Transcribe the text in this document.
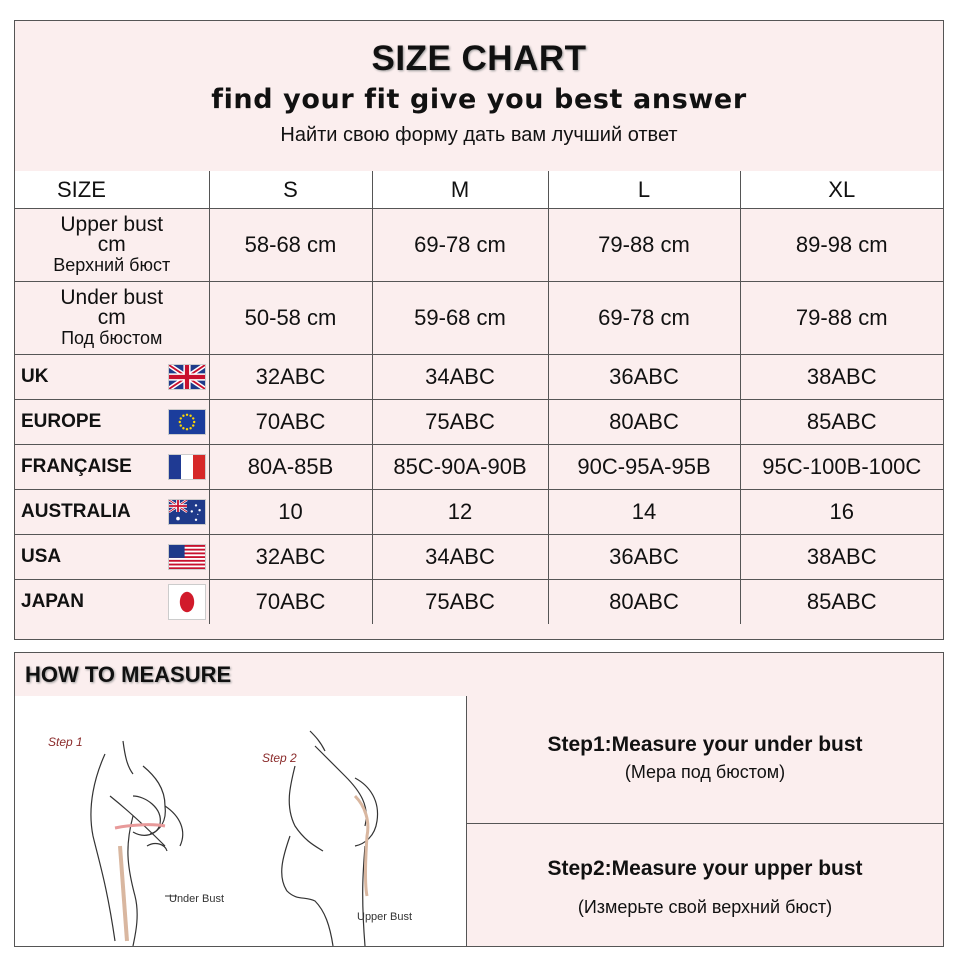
SIZE CHART
find your fit give you best answer
Найти свою форму дать вам лучший ответ
SIZE	S	M	L	XL

Upper bust
cm
Верхний бюст	58-68 cm	69-78 cm	79-88 cm	89-98 cm

Under bust
cm
Под бюстом	50-58 cm	59-68 cm	69-78 cm	79-88 cm
UK	32ABC	34ABC	36ABC	38ABC
EUROPE	70ABC	75ABC	80ABC	85ABC
FRANÇAISE	80A-85B	85C-90A-90B	90C-95A-95B	95C-100B-100C
AUSTRALIA	10	12	14	16
USA	32ABC	34ABC	36ABC	38ABC
JAPAN	70ABC	75ABC	80ABC	85ABC
HOW TO MEASURE
Step 1
Under Bust
Step 2
Upper Bust
Step1:Measure your under bust
(Мера под бюстом)
Step2:Measure your upper bust
(Измерьте свой верхний бюст)
